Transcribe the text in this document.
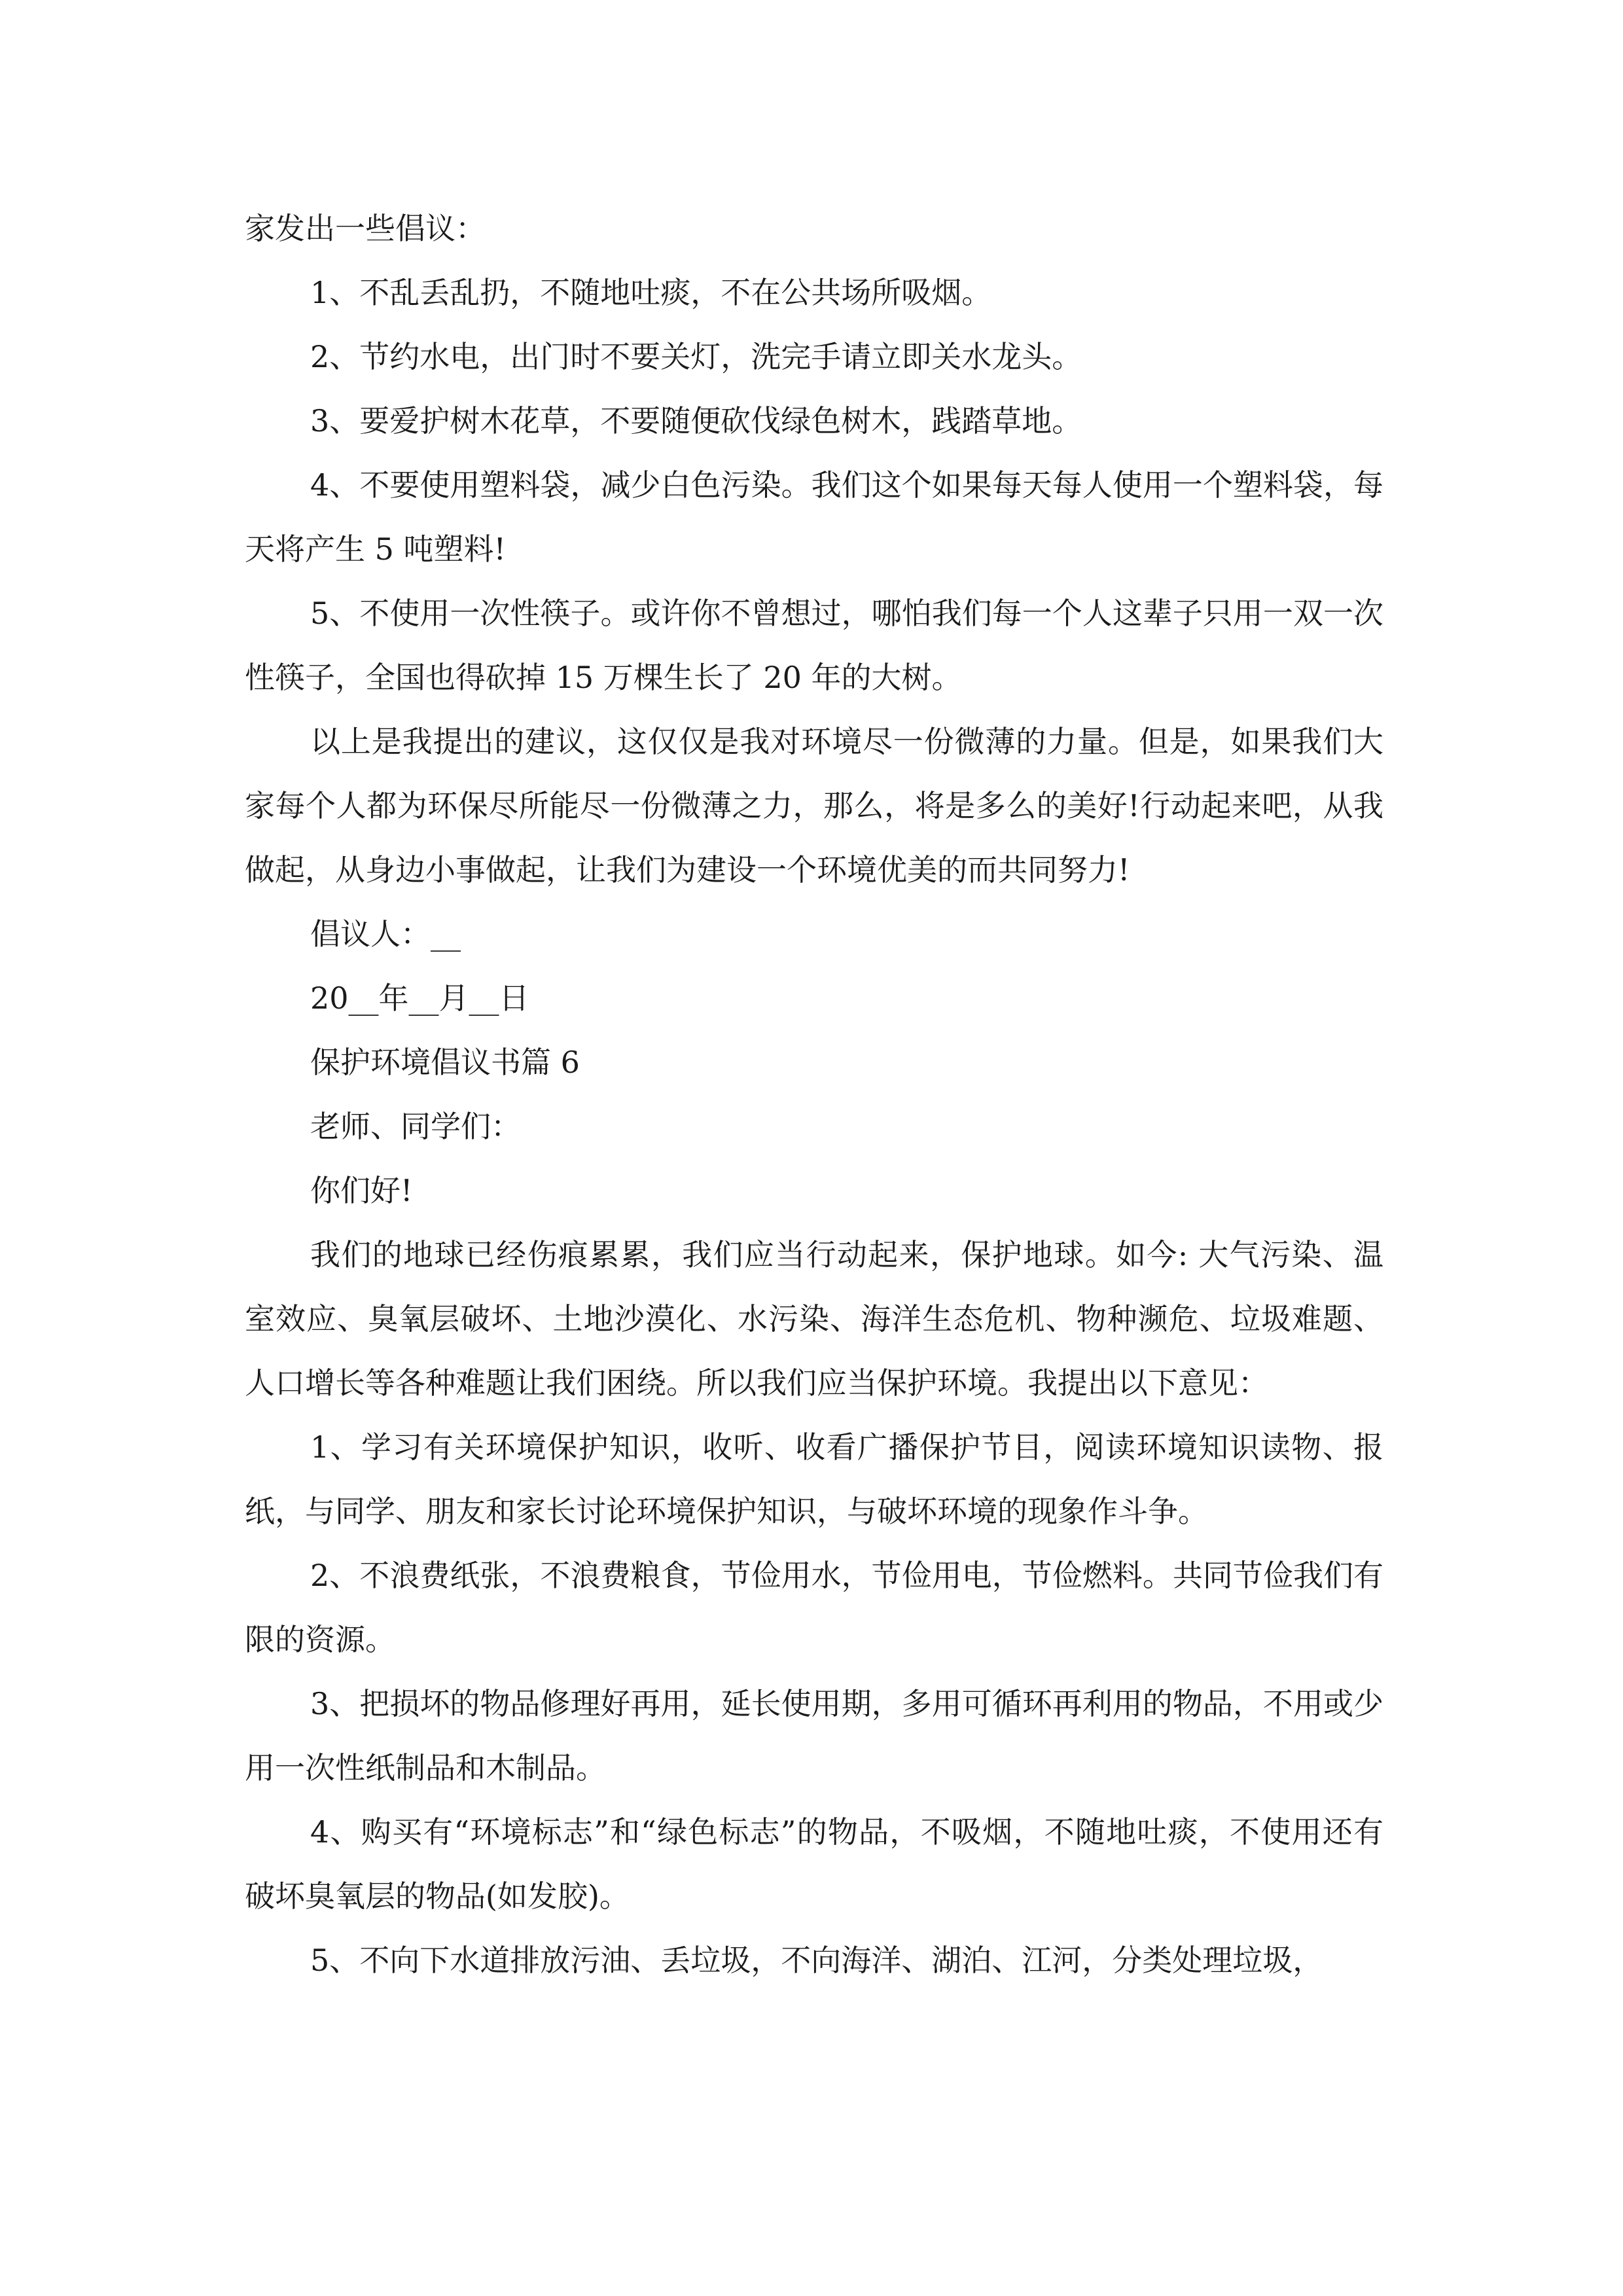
家发出一些倡议：

1、不乱丢乱扔，不随地吐痰，不在公共场所吸烟。

2、节约水电，出门时不要关灯，洗完手请立即关水龙头。

3、要爱护树木花草，不要随便砍伐绿色树木，践踏草地。

4、不要使用塑料袋，减少白色污染。我们这个如果每天每人使用一个塑料袋，每天将产生 5 吨塑料!

5、不使用一次性筷子。或许你不曾想过，哪怕我们每一个人这辈子只用一双一次性筷子，全国也得砍掉 15 万棵生长了 20 年的大树。

以上是我提出的建议，这仅仅是我对环境尽一份微薄的力量。但是，如果我们大家每个人都为环保尽所能尽一份微薄之力，那么，将是多么的美好!行动起来吧，从我做起，从身边小事做起，让我们为建设一个环境优美的而共同努力!

倡议人：__

20__年__月__日

保护环境倡议书篇 6

老师、同学们：

你们好!

我们的地球已经伤痕累累，我们应当行动起来，保护地球。如今: 大气污染、温室效应、臭氧层破坏、土地沙漠化、水污染、海洋生态危机、物种濒危、垃圾难题、人口增长等各种难题让我们困绕。所以我们应当保护环境。我提出以下意见：

1、学习有关环境保护知识，收听、收看广播保护节目，阅读环境知识读物、报纸，与同学、朋友和家长讨论环境保护知识，与破坏环境的现象作斗争。

2、不浪费纸张，不浪费粮食，节俭用水，节俭用电，节俭燃料。共同节俭我们有限的资源。

3、把损坏的物品修理好再用，延长使用期，多用可循环再利用的物品，不用或少用一次性纸制品和木制品。

4、购买有“环境标志”和“绿色标志”的物品，不吸烟，不随地吐痰，不使用还有破坏臭氧层的物品(如发胶)。

5、不向下水道排放污油、丢垃圾，不向海洋、湖泊、江河，分类处理垃圾，
